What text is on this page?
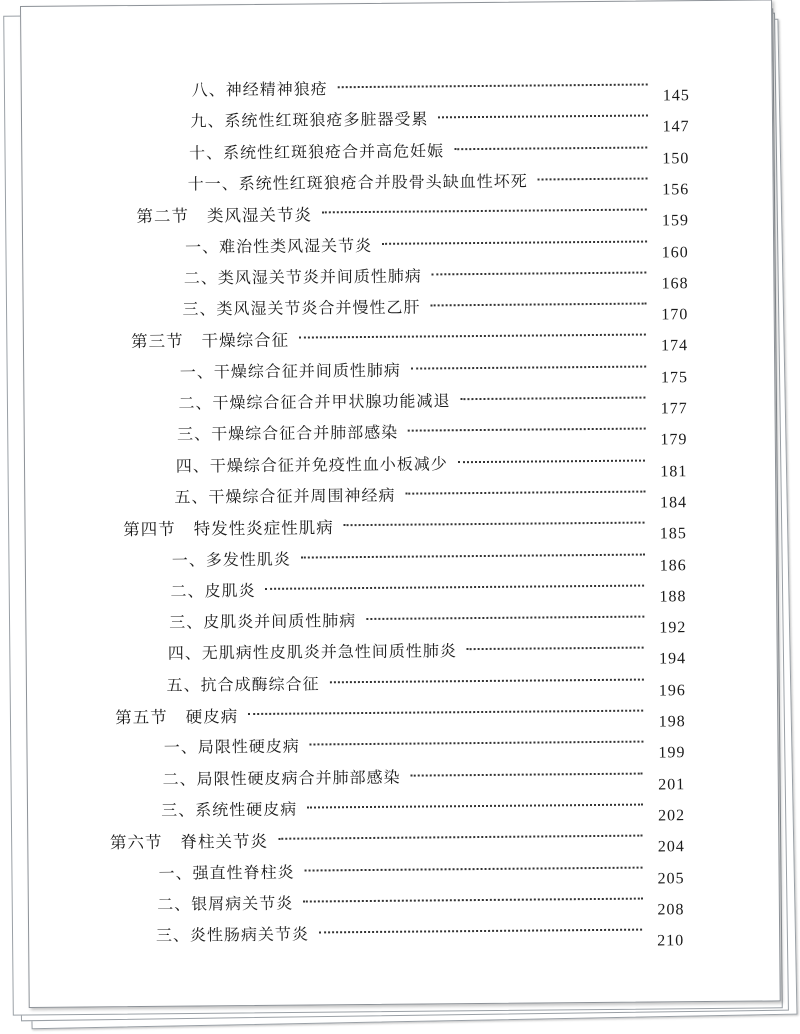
八、神经精神狼疮	145
九、系统性红斑狼疮多脏器受累	147
十、系统性红斑狼疮合并高危妊娠	150
十一、系统性红斑狼疮合并股骨头缺血性坏死	156
第二节 类风湿关节炎	159
一、难治性类风湿关节炎	160
二、类风湿关节炎并间质性肺病	168
三、类风湿关节炎合并慢性乙肝	170
第三节 干燥综合征	174
一、干燥综合征并间质性肺病	175
二、干燥综合征合并甲状腺功能减退	177
三、干燥综合征合并肺部感染	179
四、干燥综合征并免疫性血小板减少	181
五、干燥综合征并周围神经病	184
第四节 特发性炎症性肌病	185
一、多发性肌炎	186
二、皮肌炎	188
三、皮肌炎并间质性肺病	192
四、无肌病性皮肌炎并急性间质性肺炎	194
五、抗合成酶综合征	196
第五节 硬皮病	198
一、局限性硬皮病	199
二、局限性硬皮病合并肺部感染	201
三、系统性硬皮病	202
第六节 脊柱关节炎	204
一、强直性脊柱炎	205
二、银屑病关节炎	208
三、炎性肠病关节炎	210
